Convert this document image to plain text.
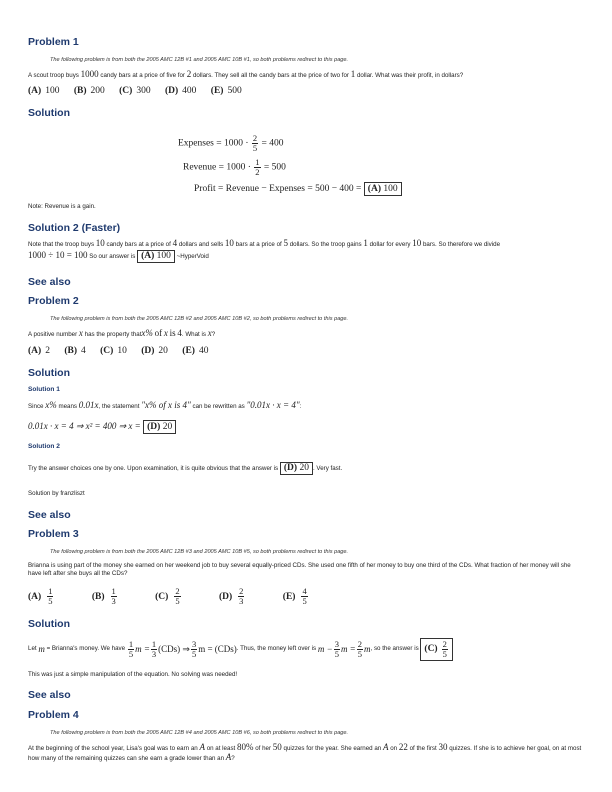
Problem 1
The following problem is from both the 2005 AMC 12B #1 and 2005 AMC 10B #1, so both problems redirect to this page.
A scout troop buys 1000 candy bars at a price of five for 2 dollars. They sell all the candy bars at the price of two for 1 dollar. What was their profit, in dollars?
(A) 100 (B) 200 (C) 300 (D) 400 (E) 500
Solution
Expenses = $1000 \cdot \frac{2}{5} = 400$
Revenue = $1000 \cdot \frac{1}{2} = 500$
Profit = Revenue − Expenses = 500 − 400 = (A) 100
Note: Revenue is a gain.
Solution 2 (Faster)
Note that the troop buys 10 candy bars at a price of 4 dollars and sells 10 bars at a price of 5 dollars. So the troop gains 1 dollar for every 10 bars. So therefore we divide
1000 ÷ 10 = 100 So our answer is (A) 100 ~HyperVoid
See also
Problem 2
The following problem is from both the 2005 AMC 12B #2 and 2005 AMC 10B #2, so both problems redirect to this page.
A positive number x has the property thatx% of x is 4. What is x?
(A) 2 (B) 4 (C) 10 (D) 20 (E) 40
Solution
Solution 1
Since x% means 0.01x, the statement "x% of x is 4" can be rewritten as "0.01x · x = 4":
0.01x · x = 4 ⇒ x² = 400 ⇒ x = (D) 20
Solution 2
Try the answer choices one by one. Upon examination, it is quite obvious that the answer is (D) 20 . Very fast.
Solution by franzliszt
See also
Problem 3
The following problem is from both the 2005 AMC 12B #3 and 2005 AMC 10B #5, so both problems redirect to this page.
Brianna is using part of the money she earned on her weekend job to buy several equally-priced CDs. She used one fifth of her money to buy one third of the CDs. What fraction of her money will she have left after she buys all the CDs?
$(A) \frac{1}{5}$
	$(B) \frac{1}{3}$
	$(C) \frac{2}{5}$
	$(D) \frac{2}{3}$
	$(E) \frac{4}{5}$
Solution
Let
m
= Brianna's money. We have
$\frac{1}{5}$ $m = \frac{1}{3} (CDs)$ ⇒ $\frac{3}{5}$ m = (CDs) . Thus, the money left over is
$m - \frac{3}{5}$ $m = \frac{2}{5}$ m , so the answer is
$(C) \frac{2}{5}$
This was just a simple manipulation of the equation. No solving was needed!
See also
Problem 4
The following problem is from both the 2005 AMC 12B #4 and 2005 AMC 10B #6, so both problems redirect to this page.
At the beginning of the school year, Lisa's goal was to earn an A on at least 80% of her 50 quizzes for the year. She earned an A on 22 of the first 30 quizzes. If she is to achieve her goal, on at most how many of the remaining quizzes can she earn a grade lower than an A?
